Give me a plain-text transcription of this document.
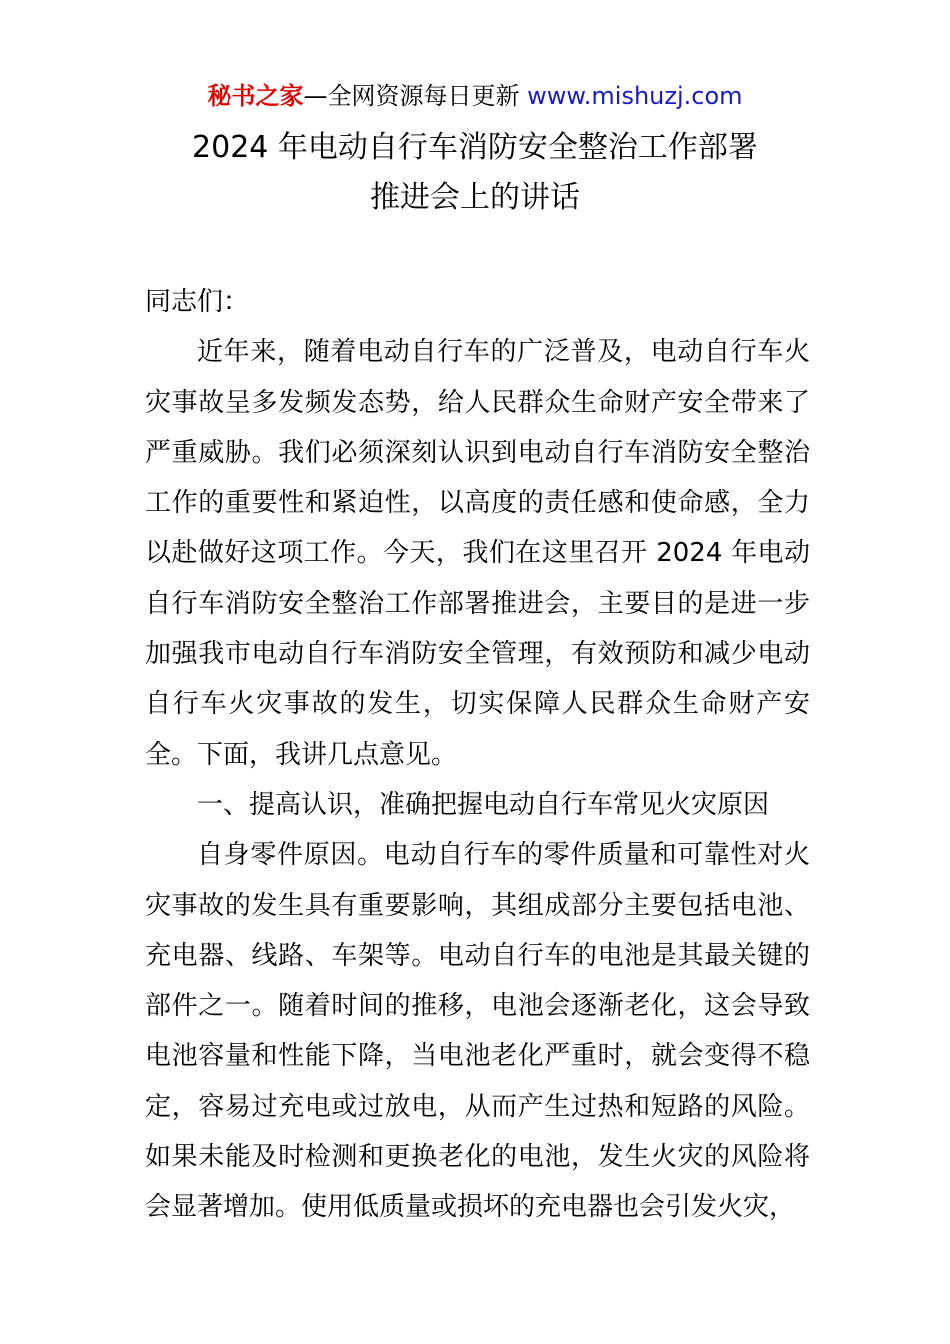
秘书之家—全网资源每日更新 www.mishuzj.com
2024 年电动自行车消防安全整治工作部署
推进会上的讲话

同志们：

近年来，随着电动自行车的广泛普及，电动自行车火灾事故呈多发频发态势，给人民群众生命财产安全带来了严重威胁。我们必须深刻认识到电动自行车消防安全整治工作的重要性和紧迫性，以高度的责任感和使命感，全力以赴做好这项工作。今天，我们在这里召开 2024 年电动自行车消防安全整治工作部署推进会，主要目的是进一步加强我市电动自行车消防安全管理，有效预防和减少电动自行车火灾事故的发生，切实保障人民群众生命财产安全。下面，我讲几点意见。

一、提高认识，准确把握电动自行车常见火灾原因

自身零件原因。电动自行车的零件质量和可靠性对火灾事故的发生具有重要影响，其组成部分主要包括电池、充电器、线路、车架等。电动自行车的电池是其最关键的部件之一。随着时间的推移，电池会逐渐老化，这会导致电池容量和性能下降，当电池老化严重时，就会变得不稳定，容易过充电或过放电，从而产生过热和短路的风险。如果未能及时检测和更换老化的电池，发生火灾的风险将会显著增加。使用低质量或损坏的充电器也会引发火灾，
